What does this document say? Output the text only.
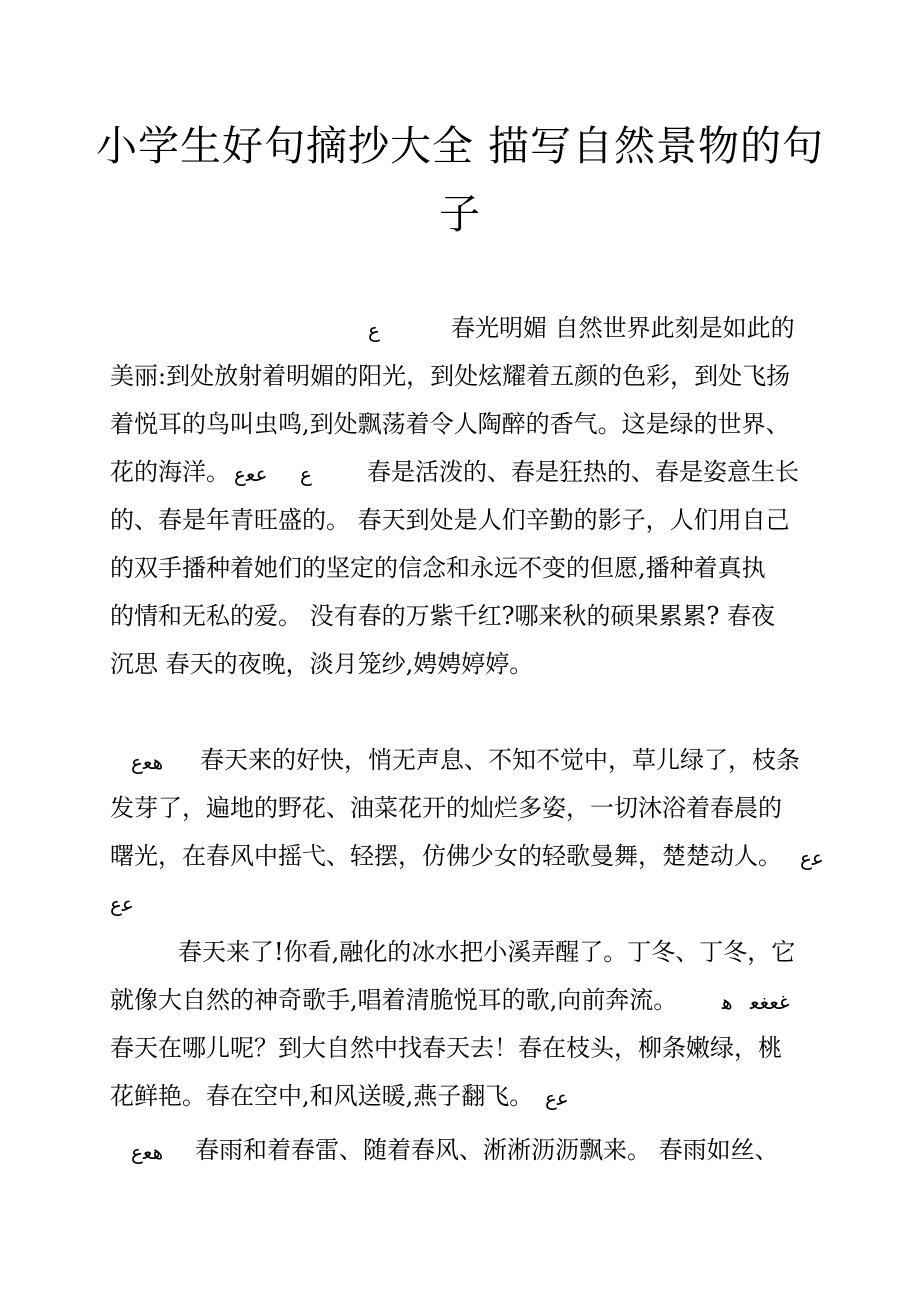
小学生好句摘抄大全 描写自然景物的句子
ع	春光明媚 自然世界此刻是如此的
美丽:到处放射着明媚的阳光，到处炫耀着五颜的色彩，到处飞扬
着悦耳的鸟叫虫鸣,到处飘荡着令人陶醉的香气。这是绿的世界、
花的海洋。 ﻋﻌع ع 春是活泼的、春是狂热的、春是姿意生长
的、春是年青旺盛的。 春天到处是人们辛勤的影子，人们用自己
的双手播种着她们的坚定的信念和永远不变的但愿,播种着真执
的情和无私的爱。 没有春的万紫千红?哪来秋的硕果累累? 春夜
沉思 春天的夜晚，淡月笼纱,娉娉婷婷。
ﻫﻌع 春天来的好快，悄无声息、不知不觉中，草儿绿了，枝条
发芽了，遍地的野花、油菜花开的灿烂多姿，一切沐浴着春晨的
曙光，在春风中摇弋、轻摆，仿佛少女的轻歌曼舞，楚楚动人。 ﻋع
ﻋع
春天来了!你看,融化的冰水把小溪弄醒了。丁冬、丁冬，它
就像大自然的神奇歌手,唱着清脆悦耳的歌,向前奔流。	ﻫ ﻏﻌﻐﻌ
春天在哪儿呢？到大自然中找春天去！春在枝头，柳条嫩绿，桃
花鲜艳。春在空中,和风送暖,燕子翻飞。 ﻋع
ﻫﻌع 春雨和着春雷、随着春风、淅淅沥沥飘来。 春雨如丝、
